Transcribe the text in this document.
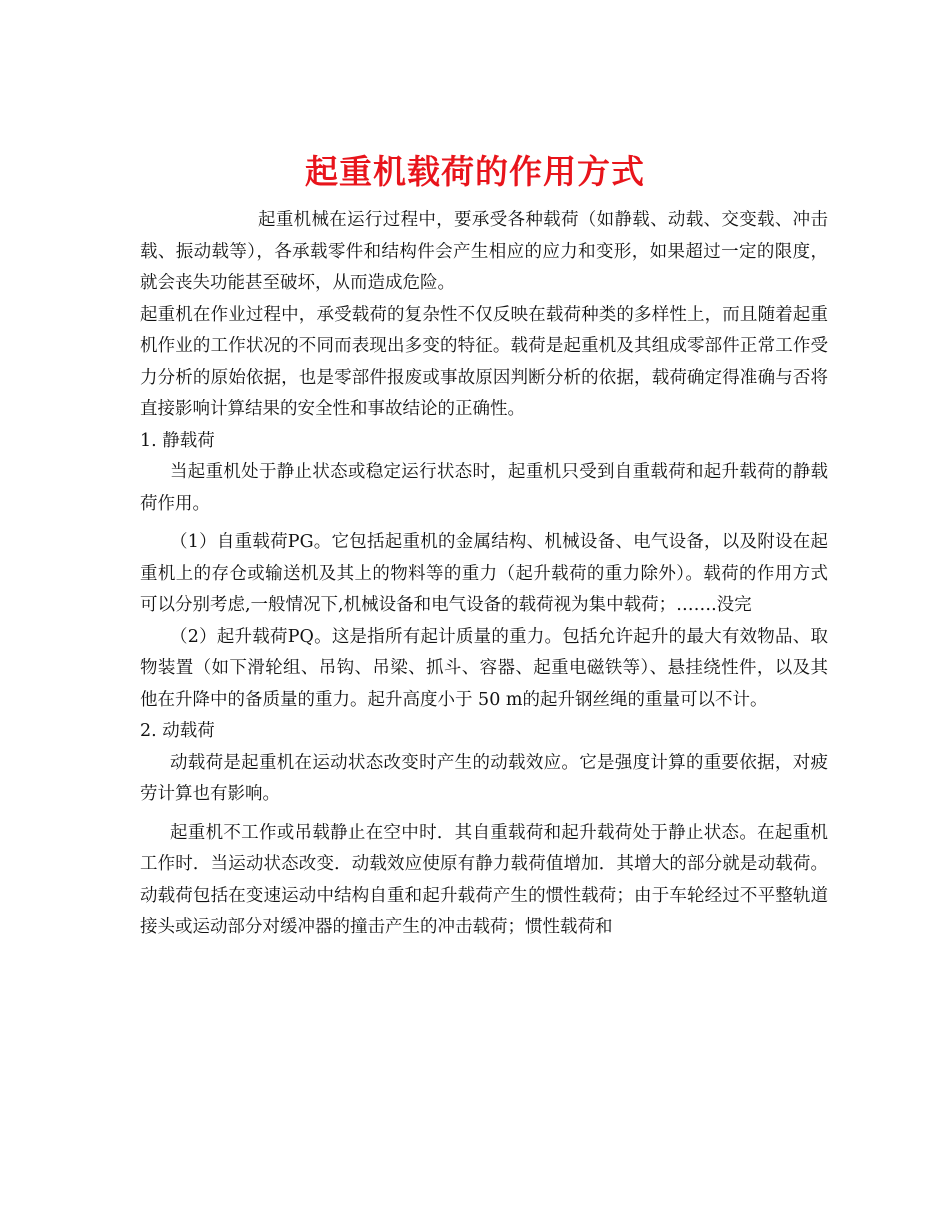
起重机载荷的作用方式

起重机械在运行过程中，要承受各种载荷（如静载、动载、交变载、冲击载、振动载等），各承载零件和结构件会产生相应的应力和变形，如果超过一定的限度，就会丧失功能甚至破坏，从而造成危险。

起重机在作业过程中，承受载荷的复杂性不仅反映在载荷种类的多样性上，而且随着起重机作业的工作状况的不同而表现出多变的特征。载荷是起重机及其组成零部件正常工作受力分析的原始依据，也是零部件报废或事故原因判断分析的依据，载荷确定得准确与否将直接影响计算结果的安全性和事故结论的正确性。

1. 静载荷

当起重机处于静止状态或稳定运行状态时，起重机只受到自重载荷和起升载荷的静载荷作用。

（1）自重载荷PG。它包括起重机的金属结构、机械设备、电气设备，以及附设在起重机上的存仓或输送机及其上的物料等的重力（起升载荷的重力除外）。载荷的作用方式可以分别考虑,一般情况下,机械设备和电气设备的载荷视为集中载荷；…….没完

（2）起升载荷PQ。这是指所有起计质量的重力。包括允许起升的最大有效物品、取物装置（如下滑轮组、吊钩、吊梁、抓斗、容器、起重电磁铁等）、悬挂绕性件，以及其他在升降中的备质量的重力。起升高度小于 50 m的起升钢丝绳的重量可以不计。

2. 动载荷

动载荷是起重机在运动状态改变时产生的动载效应。它是强度计算的重要依据，对疲劳计算也有影响。

起重机不工作或吊载静止在空中时．其自重载荷和起升载荷处于静止状态。在起重机工作时．当运动状态改变．动载效应使原有静力载荷值增加．其增大的部分就是动载荷。动载荷包括在变速运动中结构自重和起升载荷产生的惯性载荷；由于车轮经过不平整轨道接头或运动部分对缓冲器的撞击产生的冲击载荷；惯性载荷和
